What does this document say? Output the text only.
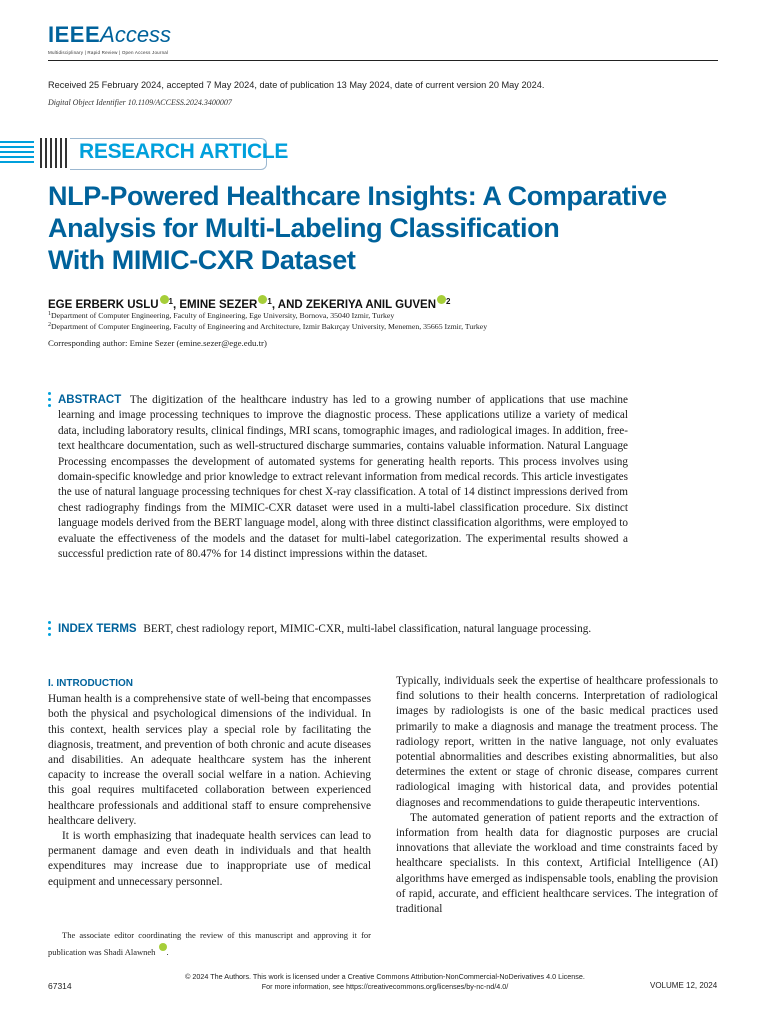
IEEEAccess
Multidisciplinary | Rapid Review | Open Access Journal
Received 25 February 2024, accepted 7 May 2024, date of publication 13 May 2024, date of current version 20 May 2024.
Digital Object Identifier 10.1109/ACCESS.2024.3400007
RESEARCH ARTICLE
NLP-Powered Healthcare Insights: A Comparative
Analysis for Multi-Labeling Classification
With MIMIC-CXR Dataset
EGE ERBERK USLU $^1$, EMINE SEZER $^1$, AND ZEKERIYA ANIL GUVEN $^2$
$^1$Department of Computer Engineering, Faculty of Engineering, Ege University, Bornova, 35040 Izmir, Turkey
$^2$Department of Computer Engineering, Faculty of Engineering and Architecture, Izmir Bakırçay University, Menemen, 35665 Izmir, Turkey
Corresponding author: Emine Sezer (emine.sezer@ege.edu.tr)
ABSTRACT The digitization of the healthcare industry has led to a growing number of applications that use machine learning and image processing techniques to improve the diagnostic process. These applications utilize a variety of medical data, including laboratory results, clinical findings, MRI scans, tomographic images, and radiological images. In addition, free-text healthcare documentation, such as well-structured discharge summaries, contains valuable information. Natural Language Processing encompasses the development of automated systems for generating health reports. This process involves using domain-specific knowledge and prior knowledge to extract relevant information from medical records. This article investigates the use of natural language processing techniques for chest X-ray classification. A total of 14 distinct impressions derived from chest radiography findings from the MIMIC-CXR dataset were used in a multi-label classification procedure. Six distinct language models derived from the BERT language model, along with three distinct classification algorithms, were employed to evaluate the effectiveness of the models and the dataset for multi-label categorization. The experimental results showed a successful prediction rate of 80.47% for 14 distinct impressions within the dataset.
INDEX TERMS BERT, chest radiology report, MIMIC-CXR, multi-label classification, natural language processing.
I. INTRODUCTION

Human health is a comprehensive state of well-being that encompasses both the physical and psychological dimensions of the individual. In this context, health services play a special role by facilitating the diagnosis, treatment, and prevention of both chronic and acute diseases and disabilities. An adequate healthcare system has the inherent capacity to increase the overall social welfare in a nation. Achieving this goal requires multifaceted collaboration between experienced healthcare professionals and additional staff to ensure comprehensive healthcare delivery.

It is worth emphasizing that inadequate health services can lead to permanent damage and even death in individuals and that health expenditures may increase due to inappropriate use of medical equipment and unnecessary personnel.

The associate editor coordinating the review of this manuscript and approving it for publication was Shadi Alawneh .

Typically, individuals seek the expertise of healthcare professionals to find solutions to their health concerns. Interpretation of radiological images by radiologists is one of the basic medical practices used primarily to make a diagnosis and manage the treatment process. The radiology report, written in the native language, not only evaluates potential abnormalities and describes existing abnormalities, but also determines the extent or stage of chronic disease, compares current radiological imaging with historical data, and provides potential diagnoses and recommendations to guide therapeutic interventions.

The automated generation of patient reports and the extraction of information from health data for diagnostic purposes are crucial innovations that alleviate the workload and time constraints faced by healthcare specialists. In this context, Artificial Intelligence (AI) algorithms have emerged as indispensable tools, enabling the provision of rapid, accurate, and efficient healthcare services. The integration of traditional

© 2024 The Authors. This work is licensed under a Creative Commons Attribution-NonCommercial-NoDerivatives 4.0 License.
For more information, see https://creativecommons.org/licenses/by-nc-nd/4.0/
67314	VOLUME 12, 2024
